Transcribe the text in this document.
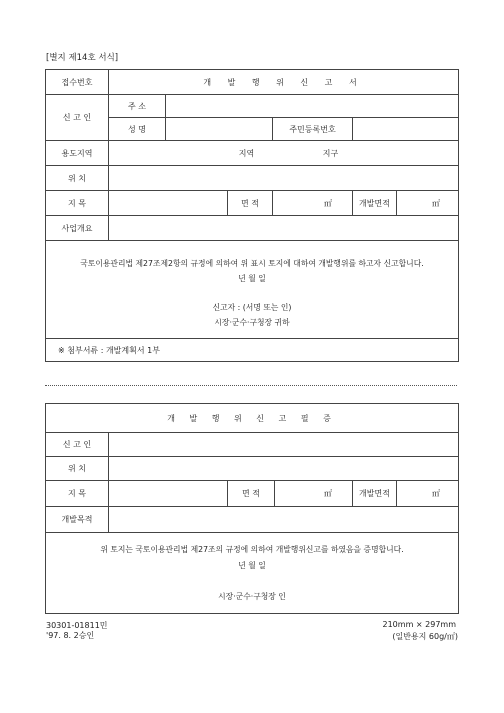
[별지 제14호 서식]
접수번호	개 발 행 위 신 고 서					
신 고 인	주 소					
	성 명			주민등록번호		
용도지역	지역 지구					
위 치						
지 목			면 적	㎡	개발면적	㎡
사업개요						

국토이용관리법 제27조제2항의 규정에 의하여 위 표시 토지에 대하여 개발행위를 하고자 신고합니다.
년 월 일
신고자 : (서명 또는 인)
시장·군수·구청장 귀하						

※ 첨부서류 : 개발계획서 1부						
개 발 행 위 신 고 필 증					
신 고 인					
위 치					
지 목		면 적	㎡	개발면적	㎡
개발목적					

위 토지는 국토이용관리법 제27조의 규정에 의하여 개발행위신고를 하였음을 증명합니다.
년 월 일
시장·군수·구청장 인					
30301-01811민
'97. 8. 2승인
210mm × 297mm
(일반용지 60g/㎡)
